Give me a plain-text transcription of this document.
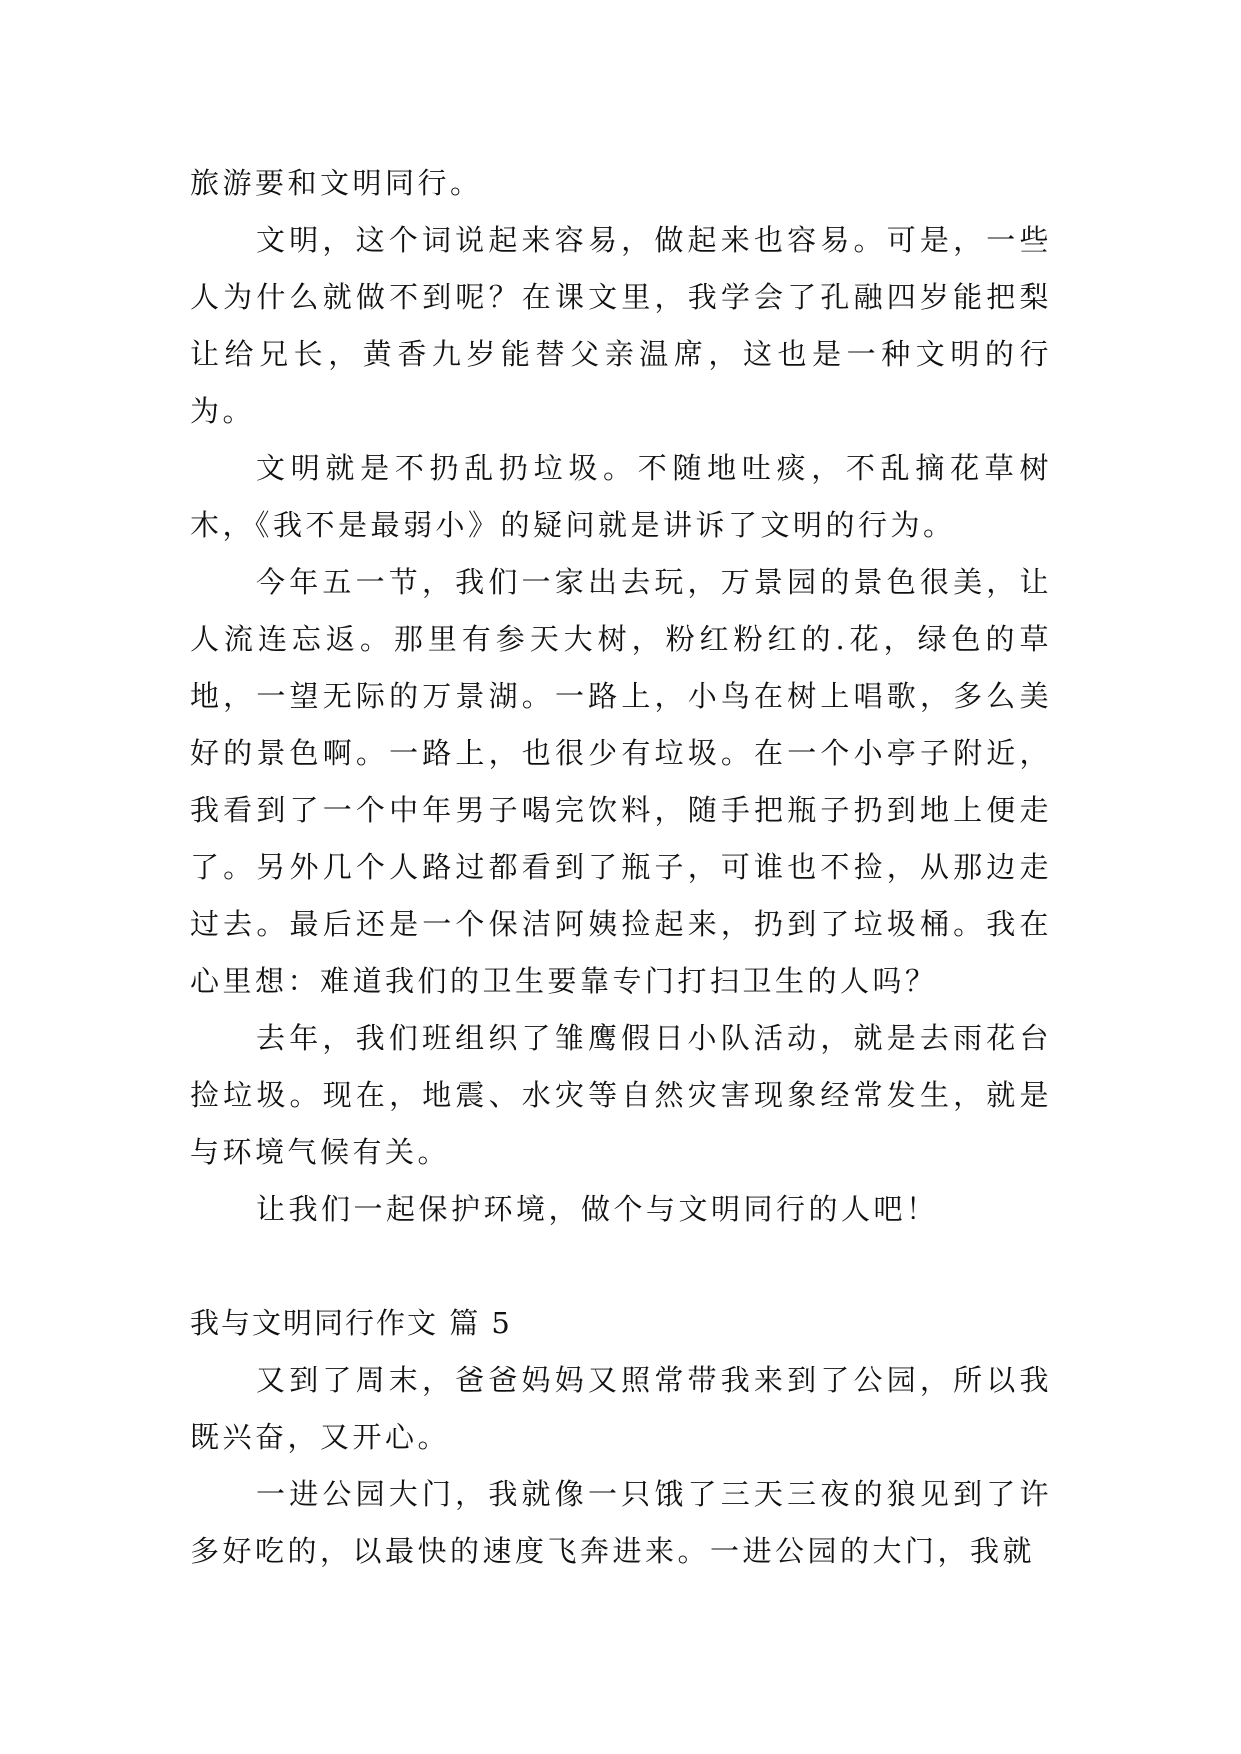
旅游要和文明同行。

文明，这个词说起来容易，做起来也容易。可是，一些人为什么就做不到呢？在课文里，我学会了孔融四岁能把梨让给兄长，黄香九岁能替父亲温席，这也是一种文明的行为。

文明就是不扔乱扔垃圾。不随地吐痰，不乱摘花草树木，《我不是最弱小》的疑问就是讲诉了文明的行为。

今年五一节，我们一家出去玩，万景园的景色很美，让人流连忘返。那里有参天大树，粉红粉红的.花，绿色的草地，一望无际的万景湖。一路上，小鸟在树上唱歌，多么美好的景色啊。一路上，也很少有垃圾。在一个小亭子附近，我看到了一个中年男子喝完饮料，随手把瓶子扔到地上便走了。另外几个人路过都看到了瓶子，可谁也不捡，从那边走过去。最后还是一个保洁阿姨捡起来，扔到了垃圾桶。我在心里想：难道我们的卫生要靠专门打扫卫生的人吗？

去年，我们班组织了雏鹰假日小队活动，就是去雨花台捡垃圾。现在，地震、水灾等自然灾害现象经常发生，就是与环境气候有关。

让我们一起保护环境，做个与文明同行的人吧！

我与文明同行作文 篇 5

又到了周末，爸爸妈妈又照常带我来到了公园，所以我既兴奋，又开心。

一进公园大门，我就像一只饿了三天三夜的狼见到了许多好吃的，以最快的速度飞奔进来。一进公园的大门，我就
